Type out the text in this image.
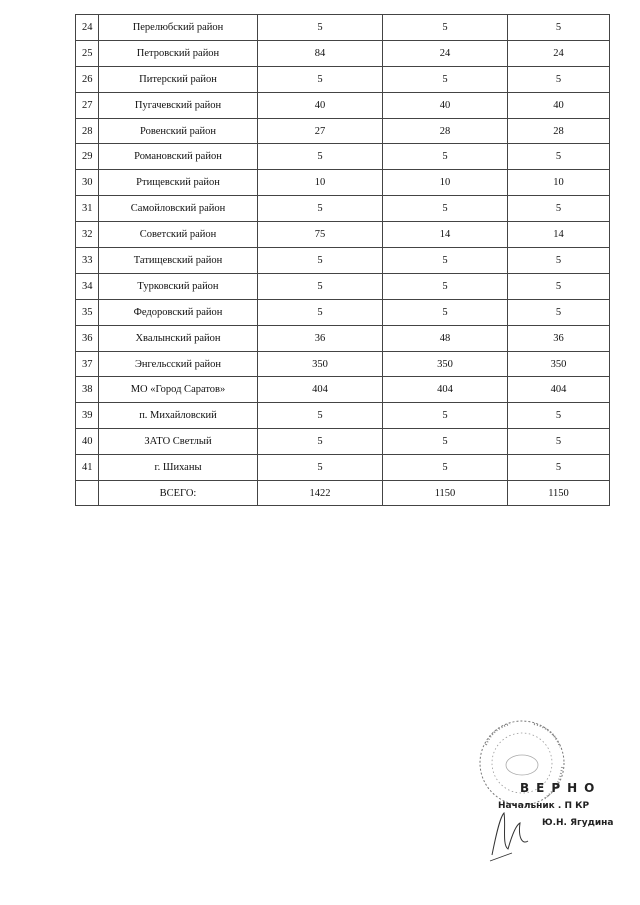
24	Перелюбский район	5	5	5
25	Петровский район	84	24	24
26	Питерский район	5	5	5
27	Пугачевский район	40	40	40
28	Ровенский район	27	28	28
29	Романовский район	5	5	5
30	Ртищевский район	10	10	10
31	Самойловский район	5	5	5
32	Советский район	75	14	14
33	Татищевский район	5	5	5
34	Турковский район	5	5	5
35	Федоровский район	5	5	5
36	Хвалынский район	36	48	36
37	Энгельсский район	350	350	350
38	МО «Город Саратов»	404	404	404
39	п. Михайловский	5	5	5
40	ЗАТО Светлый	5	5	5
41	г. Шиханы	5	5	5
	ВСЕГО:	1422	1150	1150
ВЕРНО
Начальник . П КР
Ю.Н. Ягудина
